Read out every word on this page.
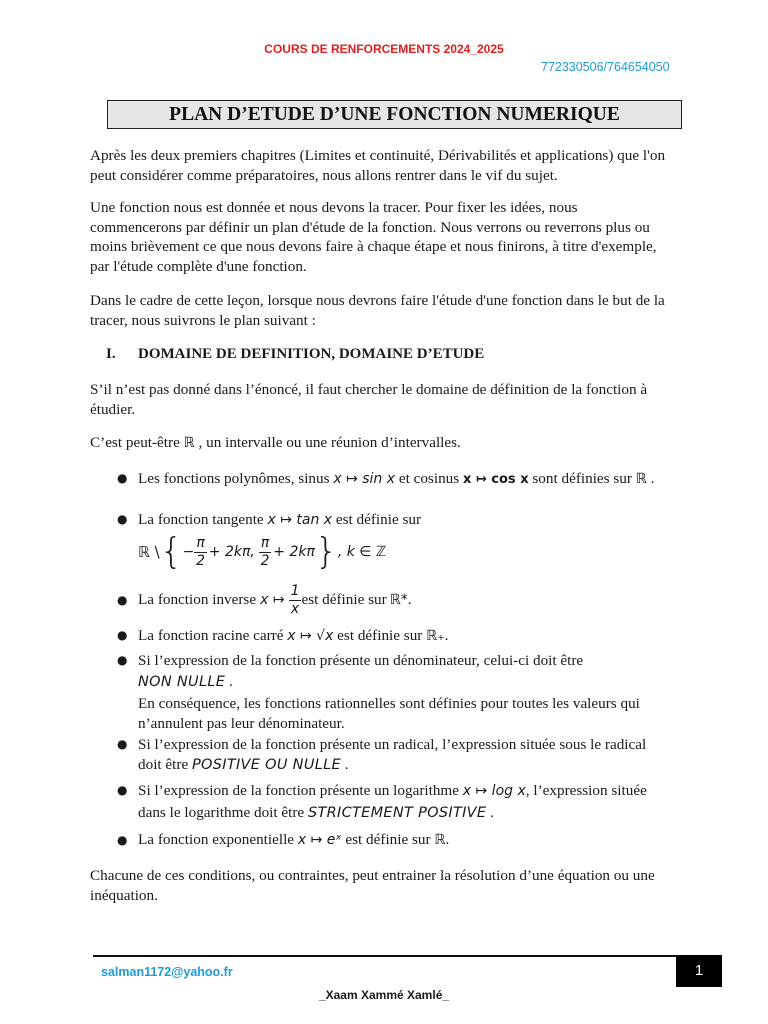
COURS DE RENFORCEMENTS 2024_2025
772330506/764654050
PLAN D’ETUDE D’UNE FONCTION NUMERIQUE
Après les deux premiers chapitres (Limites et continuité, Dérivabilités et applications) que l'on peut considérer comme préparatoires, nous allons rentrer dans le vif du sujet.
Une fonction nous est donnée et nous devons la tracer. Pour fixer les idées, nous commencerons par définir un plan d'étude de la fonction. Nous verrons ou reverrons plus ou moins brièvement ce que nous devons faire à chaque étape et nous finirons, à titre d'exemple, par l'étude complète d'une fonction.
Dans le cadre de cette leçon, lorsque nous devrons faire l'étude d'une fonction dans le but de la tracer, nous suivrons le plan suivant :
I. DOMAINE DE DEFINITION, DOMAINE D’ETUDE
S’il n’est pas donné dans l’énoncé, il faut chercher le domaine de définition de la fonction à étudier.
C’est peut-être ℝ , un intervalle ou une réunion d’intervalles.
● Les fonctions polynômes, sinus x ↦ sin x et cosinus x ↦ cos x sont définies sur ℝ .
● La fonction tangente x ↦ tan x est définie sur
ℝ \ { − $\frac{\pi}{2} + 2k\pi$, $\frac{\pi}{2} + 2k\pi$ } , k ∈ ℤ
● La fonction inverse x ↦ $\frac{1}{x}$ est définie sur ℝ* .
● La fonction racine carré x ↦ √x est définie sur ℝ₊.
● Si l’expression de la fonction présente un dénominateur, celui-ci doit être
NON NULLE .
En conséquence, les fonctions rationnelles sont définies pour toutes les valeurs qui n’annulent pas leur dénominateur.
● Si l’expression de la fonction présente un radical, l’expression située sous le radical doit être POSITIVE OU NULLE .
● Si l’expression de la fonction présente un logarithme x ↦ log x, l’expression située dans le logarithme doit être STRICTEMENT POSITIVE .
● La fonction exponentielle x ↦ eˣ est définie sur ℝ.
Chacune de ces conditions, ou contraintes, peut entrainer la résolution d’une équation ou une inéquation.
salman1172@yahoo.fr	1
_Xaam Xammé Xamlé_
